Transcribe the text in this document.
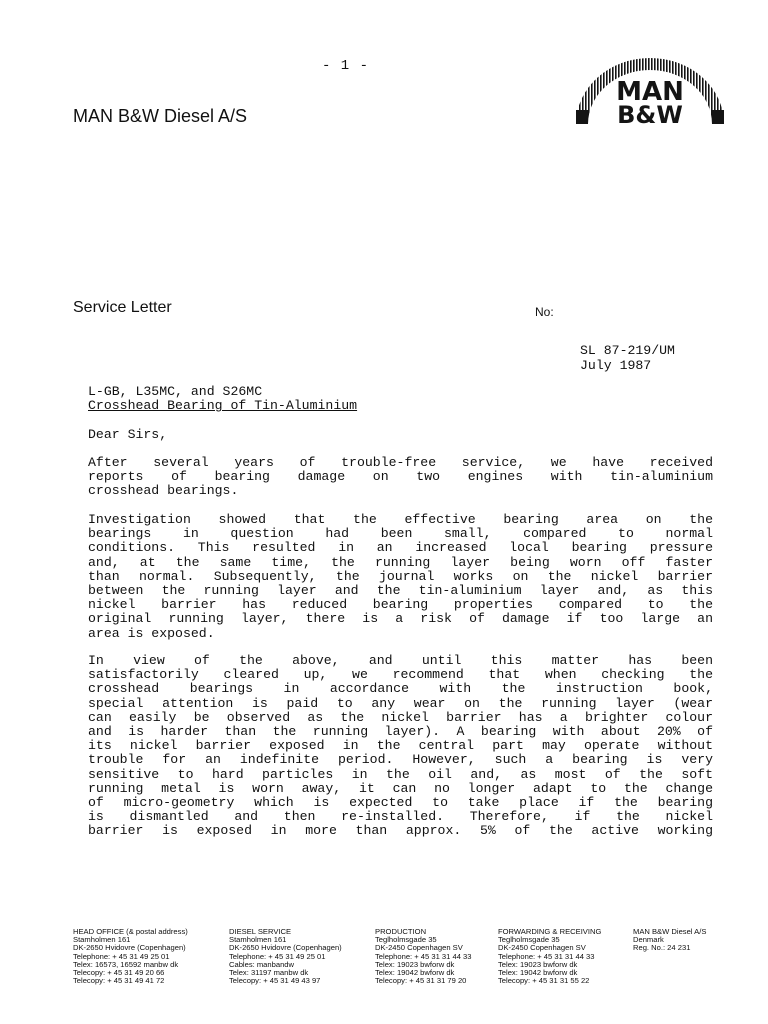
- 1 -
MAN B&W Diesel A/S
MAN
B&W
Service Letter	No:
SL 87-219/UM
July 1987
L-GB, L35MC, and S26MC
Crosshead Bearing of Tin-Aluminium
Dear Sirs,
After several years of trouble-free service, we have received
reports of bearing damage on two engines with tin-aluminium
crosshead bearings.
Investigation showed that the effective bearing area on the
bearings in question had been small, compared to normal
conditions. This resulted in an increased local bearing pressure
and, at the same time, the running layer being worn off faster
than normal. Subsequently, the journal works on the nickel barrier
between the running layer and the tin-aluminium layer and, as this
nickel barrier has reduced bearing properties compared to the
original running layer, there is a risk of damage if too large an
area is exposed.
In view of the above, and until this matter has been
satisfactorily cleared up, we recommend that when checking the
crosshead bearings in accordance with the instruction book,
special attention is paid to any wear on the running layer (wear
can easily be observed as the nickel barrier has a brighter colour
and is harder than the running layer). A bearing with about 20% of
its nickel barrier exposed in the central part may operate without
trouble for an indefinite period. However, such a bearing is very
sensitive to hard particles in the oil and, as most of the soft
running metal is worn away, it can no longer adapt to the change
of micro-geometry which is expected to take place if the bearing
is dismantled and then re-installed. Therefore, if the nickel
barrier is exposed in more than approx. 5% of the active working
HEAD OFFICE (& postal address)
Stamholmen 161
DK-2650 Hvidovre (Copenhagen)
Telephone: + 45 31 49 25 01
Telex: 16573, 16592 manbw dk
Telecopy: + 45 31 49 20 66
Telecopy: + 45 31 49 41 72
DIESEL SERVICE
Stamholmen 161
DK-2650 Hvidovre (Copenhagen)
Telephone: + 45 31 49 25 01
Cables: manbandw
Telex: 31197 manbw dk
Telecopy: + 45 31 49 43 97
PRODUCTION
Teglholmsgade 35
DK-2450 Copenhagen SV
Telephone: + 45 31 31 44 33
Telex: 19023 bwforw dk
Telex: 19042 bwforw dk
Telecopy: + 45 31 31 79 20
FORWARDING & RECEIVING
Teglholmsgade 35
DK-2450 Copenhagen SV
Telephone: + 45 31 31 44 33
Telex: 19023 bwforw dk
Telex: 19042 bwforw dk
Telecopy: + 45 31 31 55 22
MAN B&W Diesel A/S
Denmark
Reg. No.: 24 231
